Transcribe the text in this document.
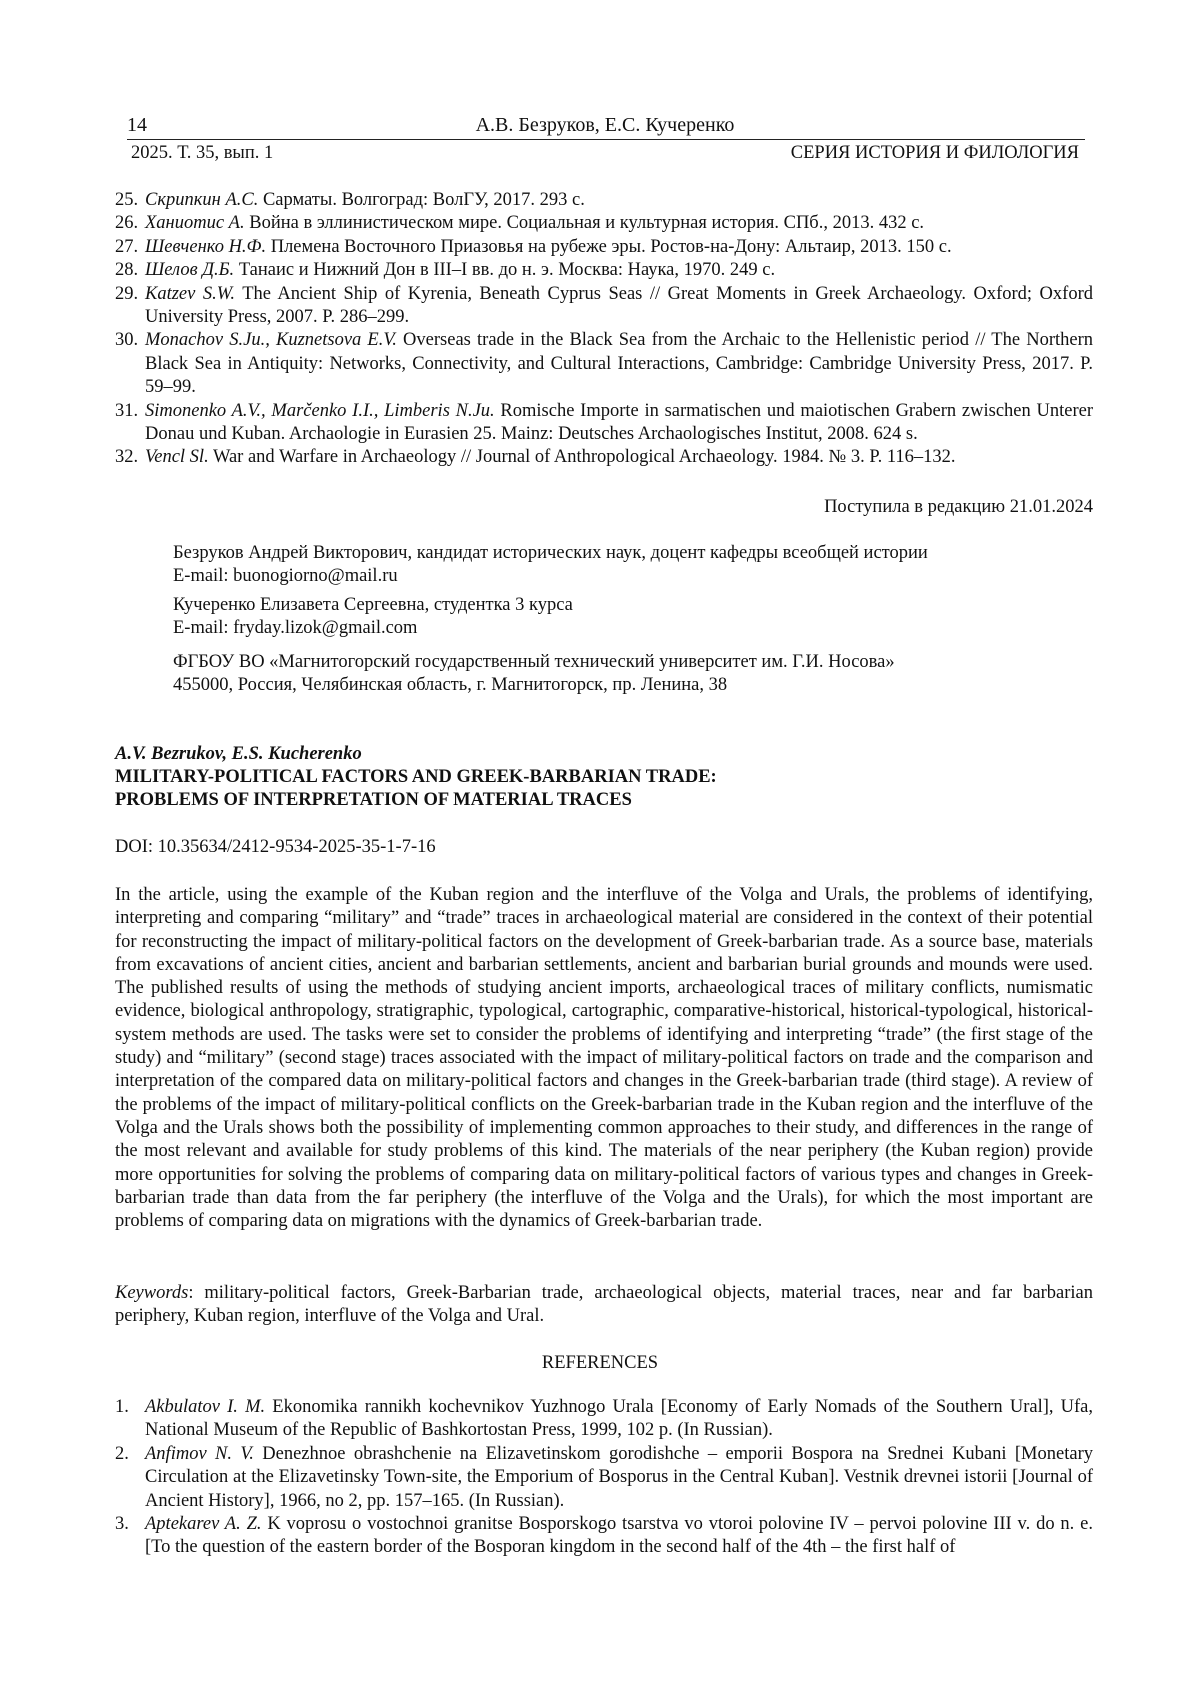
14	А.В. Безруков, Е.С. Кучеренко
2025. Т. 35, вып. 1	СЕРИЯ ИСТОРИЯ И ФИЛОЛОГИЯ
25. Скрипкин А.С. Сарматы. Волгоград: ВолГУ, 2017. 293 с.
26. Ханиотис А. Война в эллинистическом мире. Социальная и культурная история. СПб., 2013. 432 с.
27. Шевченко Н.Ф. Племена Восточного Приазовья на рубеже эры. Ростов-на-Дону: Альтаир, 2013. 150 с.
28. Шелов Д.Б. Танаис и Нижний Дон в III–I вв. до н. э. Москва: Наука, 1970. 249 с.
29. Katzev S.W. The Ancient Ship of Kyrenia, Beneath Cyprus Seas // Great Moments in Greek Archaeology. Oxford; Oxford University Press, 2007. P. 286–299.
30. Monachov S.Ju., Kuznetsova E.V. Overseas trade in the Black Sea from the Archaic to the Hellenistic period // The Northern Black Sea in Antiquity: Networks, Connectivity, and Cultural Interactions, Cambridge: Cambridge University Press, 2017. P. 59–99.
31. Simonenko A.V., Marčenko I.I., Limberis N.Ju. Romische Importe in sarmatischen und maiotischen Grabern zwischen Unterer Donau und Kuban. Archaologie in Eurasien 25. Mainz: Deutsches Archaologisches Institut, 2008. 624 s.
32. Vencl Sl. War and Warfare in Archaeology // Journal of Anthropological Archaeology. 1984. № 3. P. 116–132.
Поступила в редакцию 21.01.2024
Безруков Андрей Викторович, кандидат исторических наук, доцент кафедры всеобщей истории
E-mail: buonogiorno@mail.ru
Кучеренко Елизавета Сергеевна, студентка 3 курса
E-mail: fryday.lizok@gmail.com
ФГБОУ ВО «Магнитогорский государственный технический университет им. Г.И. Носова»
455000, Россия, Челябинская область, г. Магнитогорск, пр. Ленина, 38
A.V. Bezrukov, E.S. Kucherenko
MILITARY-POLITICAL FACTORS AND GREEK-BARBARIAN TRADE:
PROBLEMS OF INTERPRETATION OF MATERIAL TRACES
DOI: 10.35634/2412-9534-2025-35-1-7-16

In the article, using the example of the Kuban region and the interfluve of the Volga and Urals, the problems of identifying, interpreting and comparing “military” and “trade” traces in archaeological material are considered in the context of their potential for reconstructing the impact of military-political factors on the development of Greek-barbarian trade. As a source base, materials from excavations of ancient cities, ancient and barbarian settlements, ancient and barbarian burial grounds and mounds were used. The published results of using the methods of studying ancient imports, archaeological traces of military conflicts, numismatic evidence, biological anthropology, stratigraphic, typological, cartographic, comparative-historical, historical-typological, historical-system methods are used. The tasks were set to consider the problems of identifying and interpreting “trade” (the first stage of the study) and “military” (second stage) traces associated with the impact of military-political factors on trade and the comparison and interpretation of the compared data on military-political factors and changes in the Greek-barbarian trade (third stage). A review of the problems of the impact of military-political conflicts on the Greek-barbarian trade in the Kuban region and the interfluve of the Volga and the Urals shows both the possibility of implementing common approaches to their study, and differences in the range of the most relevant and available for study problems of this kind. The materials of the near periphery (the Kuban region) provide more opportunities for solving the problems of comparing data on military-political factors of various types and changes in Greek-barbarian trade than data from the far periphery (the interfluve of the Volga and the Urals), for which the most important are problems of comparing data on migrations with the dynamics of Greek-barbarian trade.

Keywords: military-political factors, Greek-Barbarian trade, archaeological objects, material traces, near and far barbarian periphery, Kuban region, interfluve of the Volga and Ural.

REFERENCES
1. Akbulatov I. M. Ekonomika rannikh kochevnikov Yuzhnogo Urala [Economy of Early Nomads of the Southern Ural], Ufa, National Museum of the Republic of Bashkortostan Press, 1999, 102 p. (In Russian).
2. Anfimov N. V. Denezhnoe obrashchenie na Elizavetinskom gorodishche – emporii Bospora na Srednei Kubani [Monetary Circulation at the Elizavetinsky Town-site, the Emporium of Bosporus in the Central Kuban]. Vestnik drevnei istorii [Journal of Ancient History], 1966, no 2, pp. 157–165. (In Russian).
3. Aptekarev A. Z. K voprosu o vostochnoi granitse Bosporskogo tsarstva vo vtoroi polovine IV – pervoi polovine III v. do n. e. [To the question of the eastern border of the Bosporan kingdom in the second half of the 4th – the first half of
